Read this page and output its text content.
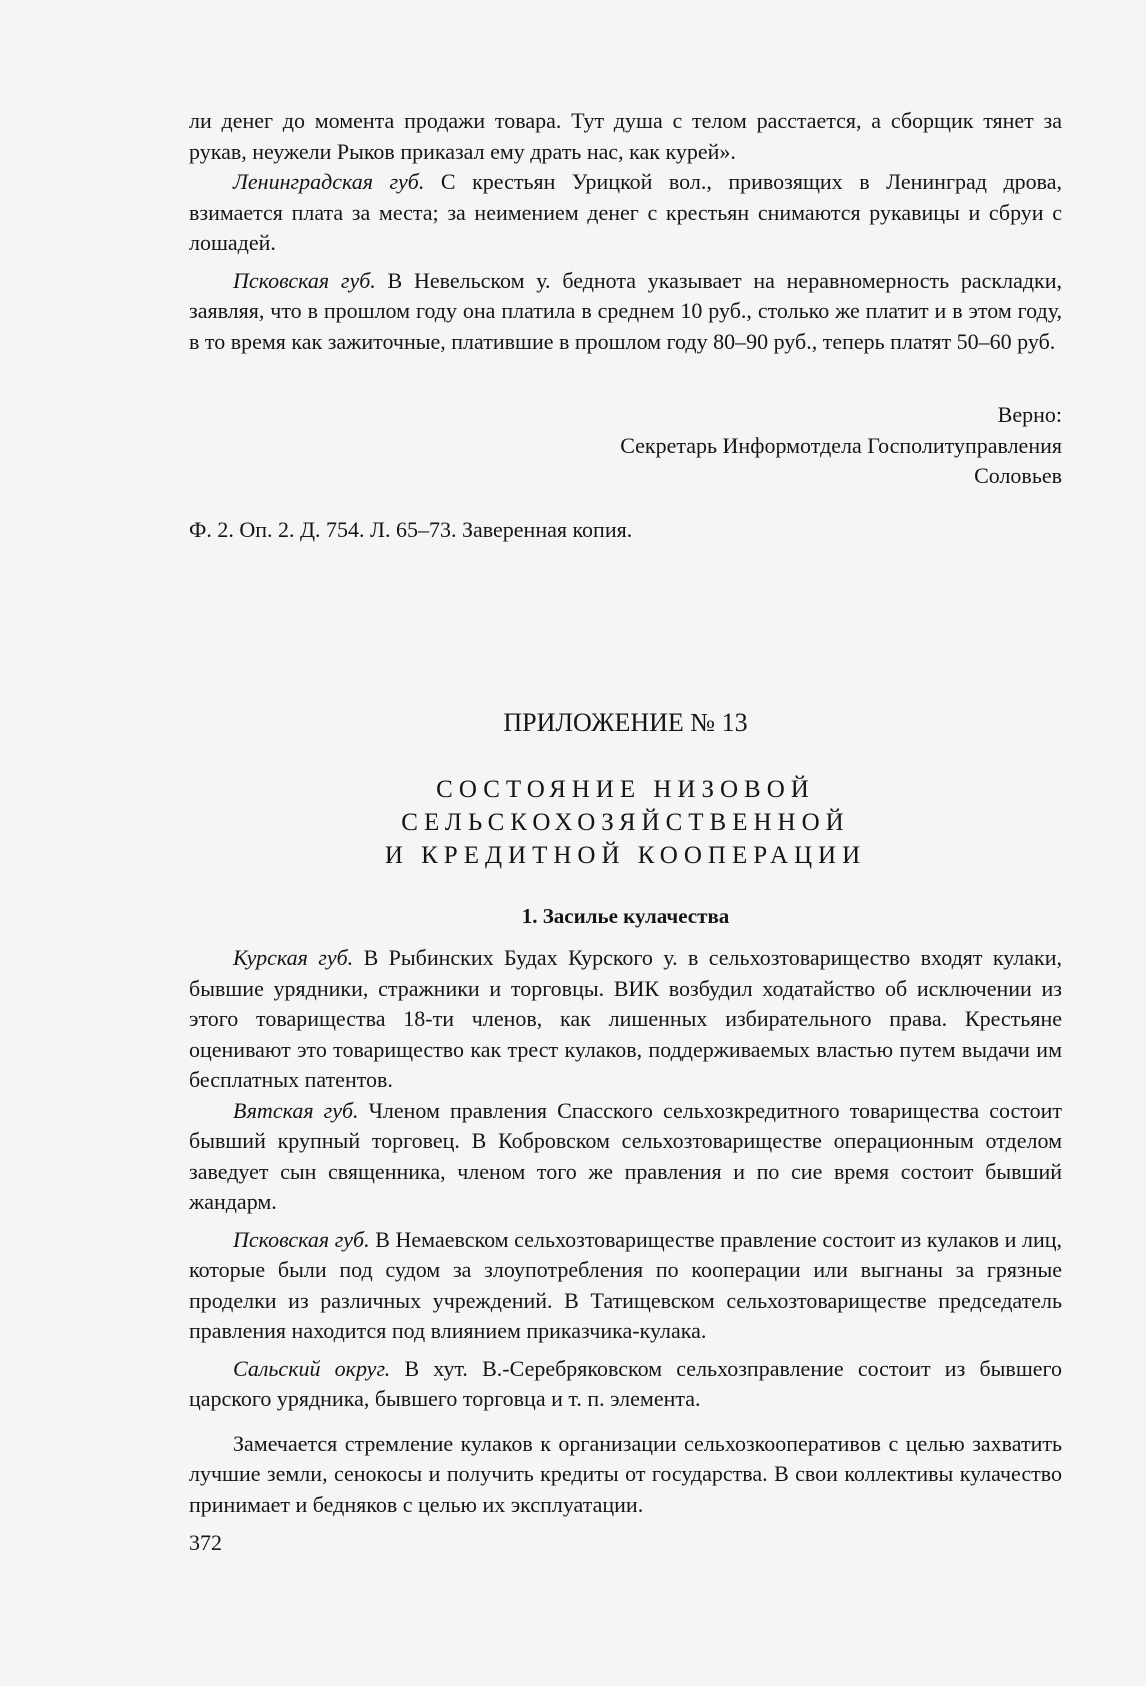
ли денег до момента продажи товара. Тут душа с телом расстается, а сборщик тянет за рукав, неужели Рыков приказал ему драть нас, как курей».

Ленинградская губ. С крестьян Урицкой вол., привозящих в Ленинград дрова, взимается плата за места; за неимением денег с крестьян снимаются рукавицы и сбруи с лошадей.

Псковская губ. В Невельском у. беднота указывает на неравномерность раскладки, заявляя, что в прошлом году она платила в среднем 10 руб., столько же платит и в этом году, в то время как зажиточные, платившие в прошлом году 80–90 руб., теперь платят 50–60 руб.

Верно:
Секретарь Информотдела Госполитуправления
Соловьев
Ф. 2. Оп. 2. Д. 754. Л. 65–73. Заверенная копия.
ПРИЛОЖЕНИЕ № 13
СОСТОЯНИЕ НИЗОВОЙ
СЕЛЬСКОХОЗЯЙСТВЕННОЙ
И КРЕДИТНОЙ КООПЕРАЦИИ
1. Засилье кулачества

Курская губ. В Рыбинских Будах Курского у. в сельхозтоварищество входят кулаки, бывшие урядники, стражники и торговцы. ВИК возбудил ходатайство об исключении из этого товарищества 18-ти членов, как лишенных избирательного права. Крестьяне оценивают это товарищество как трест кулаков, поддерживаемых властью путем выдачи им бесплатных патентов.

Вятская губ. Членом правления Спасского сельхозкредитного товарищества состоит бывший крупный торговец. В Кобровском сельхозтовариществе операционным отделом заведует сын священника, членом того же правления и по сие время состоит бывший жандарм.

Псковская губ. В Немаевском сельхозтовариществе правление состоит из кулаков и лиц, которые были под судом за злоупотребления по кооперации или выгнаны за грязные проделки из различных учреждений. В Татищевском сельхозтовариществе председатель правления находится под влиянием приказчика-кулака.

Сальский округ. В хут. В.-Серебряковском сельхозправление состоит из бывшего царского урядника, бывшего торговца и т. п. элемента.

Замечается стремление кулаков к организации сельхозкооперативов с целью захватить лучшие земли, сенокосы и получить кредиты от государства. В свои коллективы кулачество принимает и бедняков с целью их эксплуатации.

372
